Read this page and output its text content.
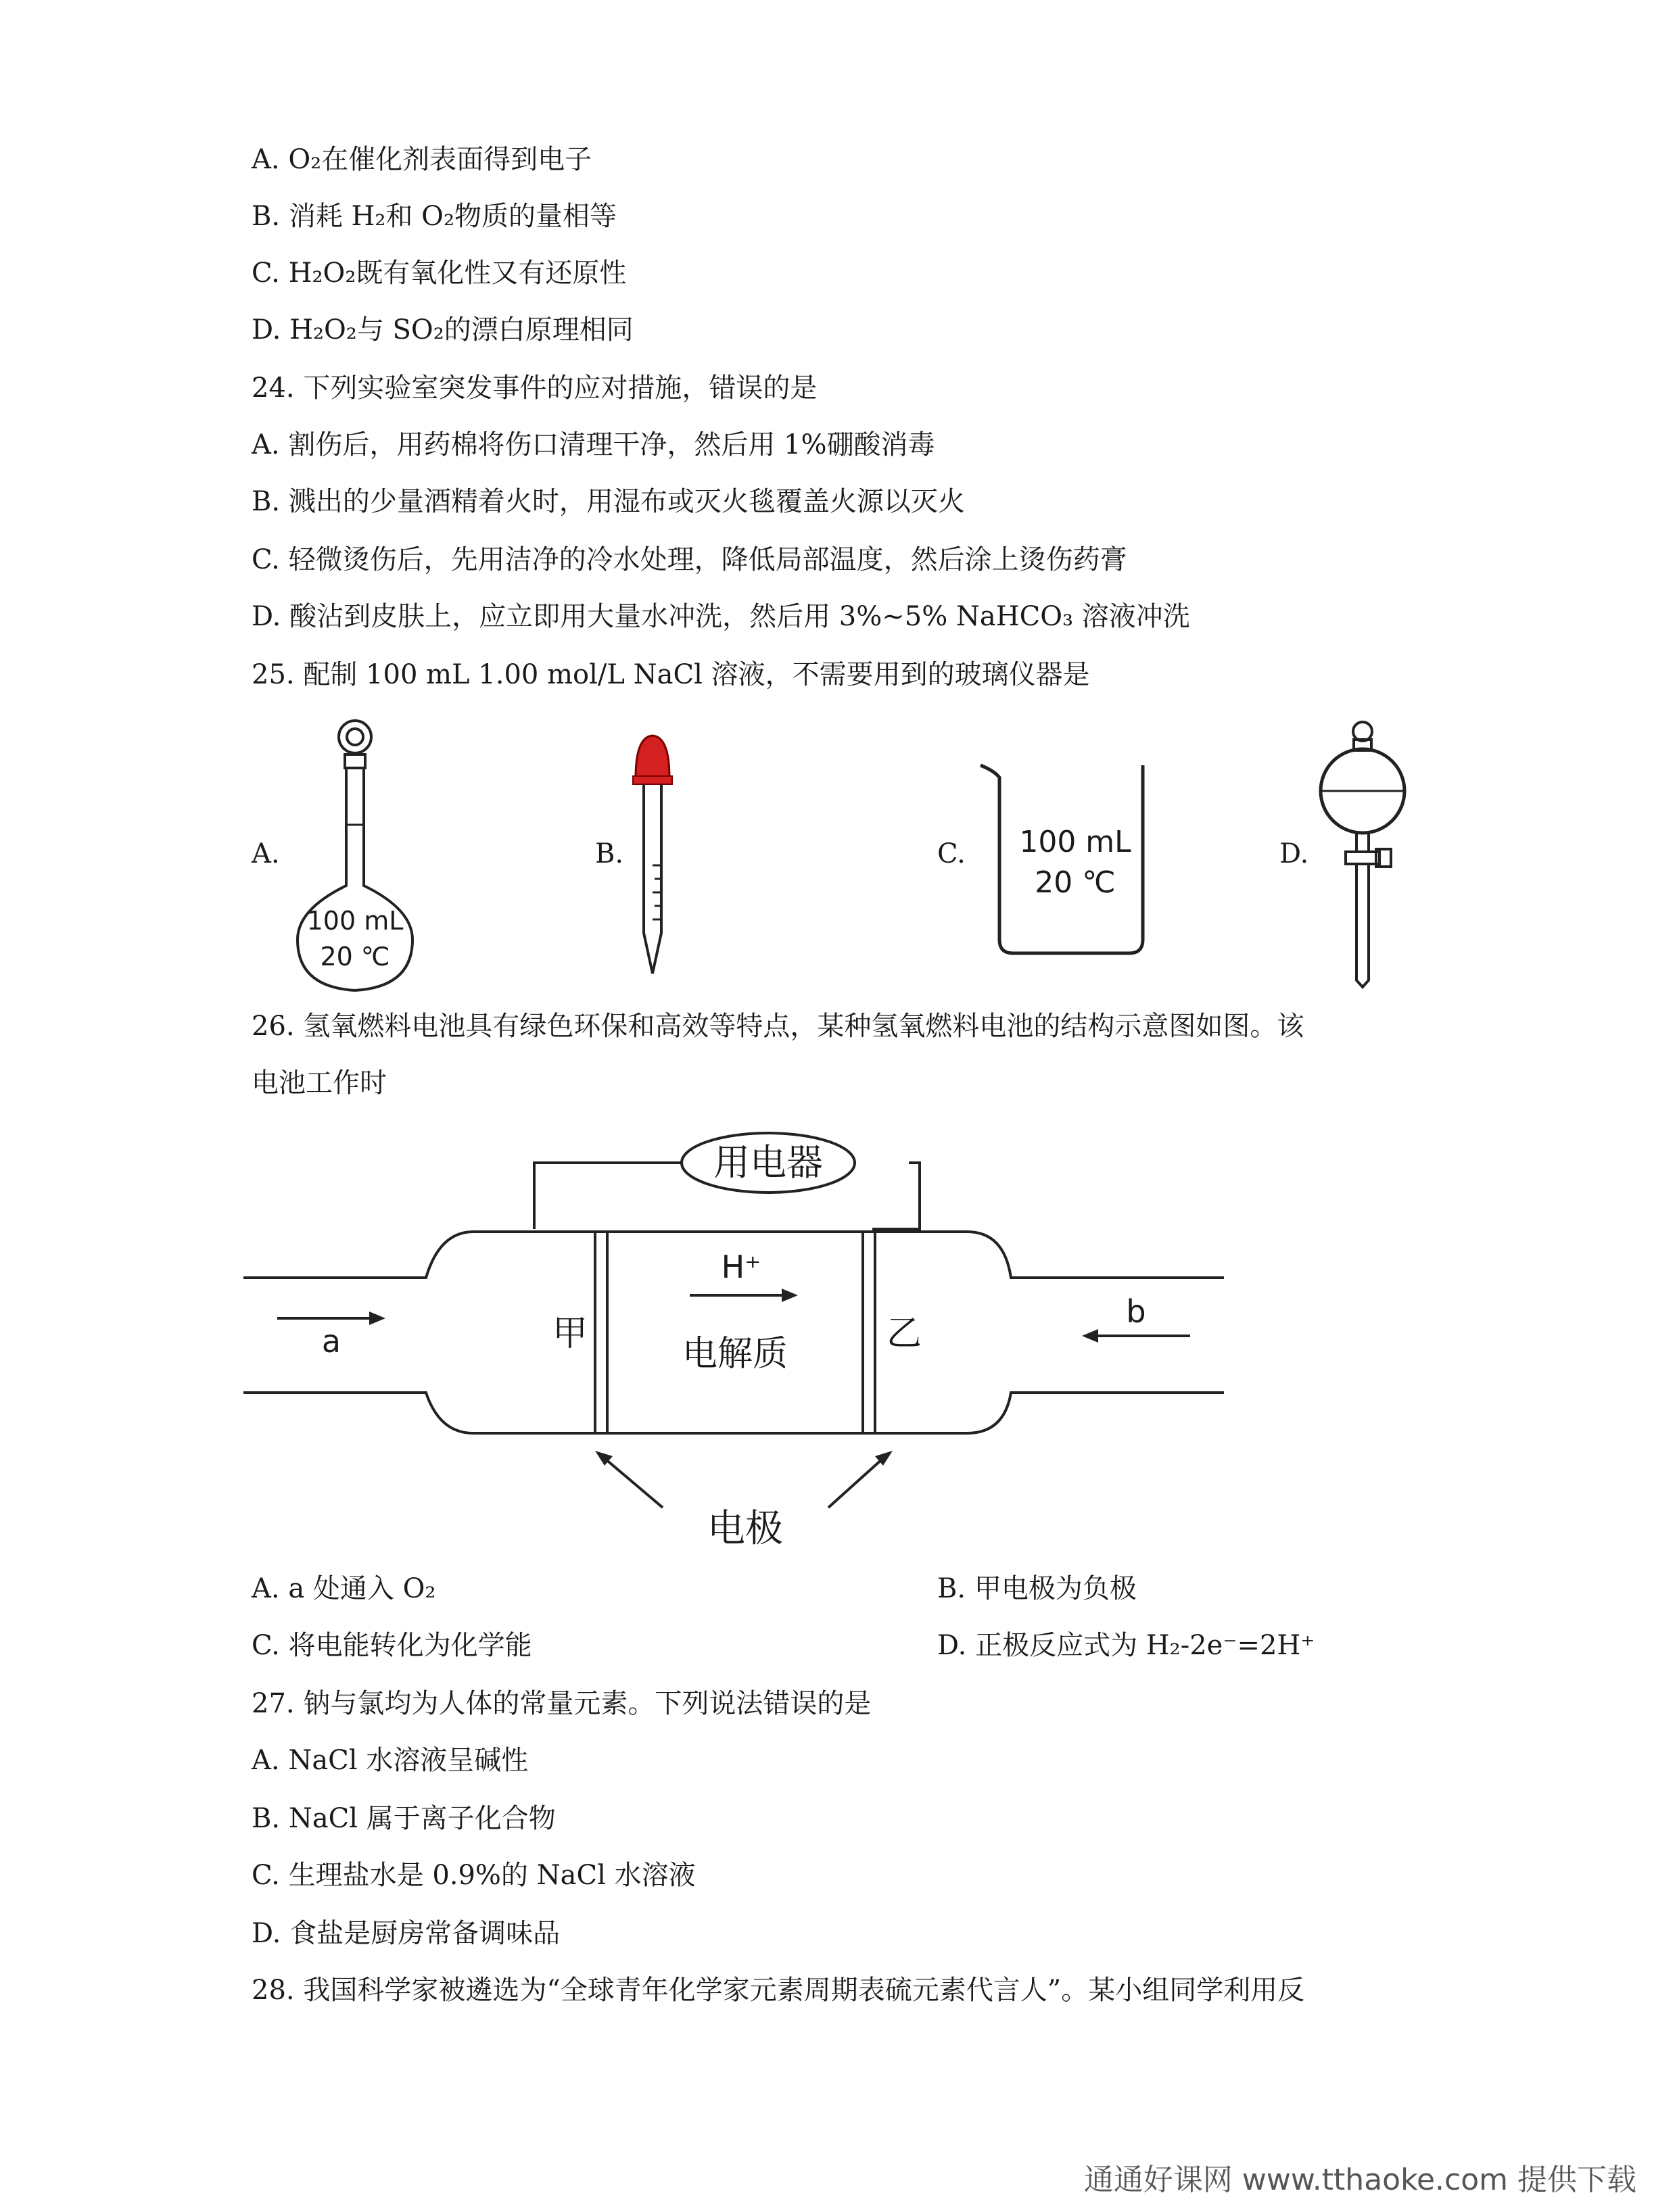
A. O₂在催化剂表面得到电子
B. 消耗 H₂和 O₂物质的量相等
C. H₂O₂既有氧化性又有还原性
D. H₂O₂与 SO₂的漂白原理相同
24. 下列实验室突发事件的应对措施，错误的是
A. 割伤后，用药棉将伤口清理干净，然后用 1%硼酸消毒
B. 溅出的少量酒精着火时，用湿布或灭火毯覆盖火源以灭火
C. 轻微烫伤后，先用洁净的冷水处理，降低局部温度，然后涂上烫伤药膏
D. 酸沾到皮肤上，应立即用大量水冲洗，然后用 3%~5% NaHCO₃ 溶液冲洗
25. 配制 100 mL 1.00 mol/L NaCl 溶液，不需要用到的玻璃仪器是
A.	B.	C.	D.
100 mL
20 ℃
100 mL
20 ℃
26. 氢氧燃料电池具有绿色环保和高效等特点，某种氢氧燃料电池的结构示意图如图。该
电池工作时
用电器
H⁺
甲	乙
电解质
a
b
电极
A. a 处通入 O₂	B. 甲电极为负极
C. 将电能转化为化学能	D. 正极反应式为 H₂-2e⁻=2H⁺
27. 钠与氯均为人体的常量元素。下列说法错误的是
A. NaCl 水溶液呈碱性
B. NaCl 属于离子化合物
C. 生理盐水是 0.9%的 NaCl 水溶液
D. 食盐是厨房常备调味品
28. 我国科学家被遴选为“全球青年化学家元素周期表硫元素代言人”。某小组同学利用反
通通好课网 www.tthaoke.com 提供下载
